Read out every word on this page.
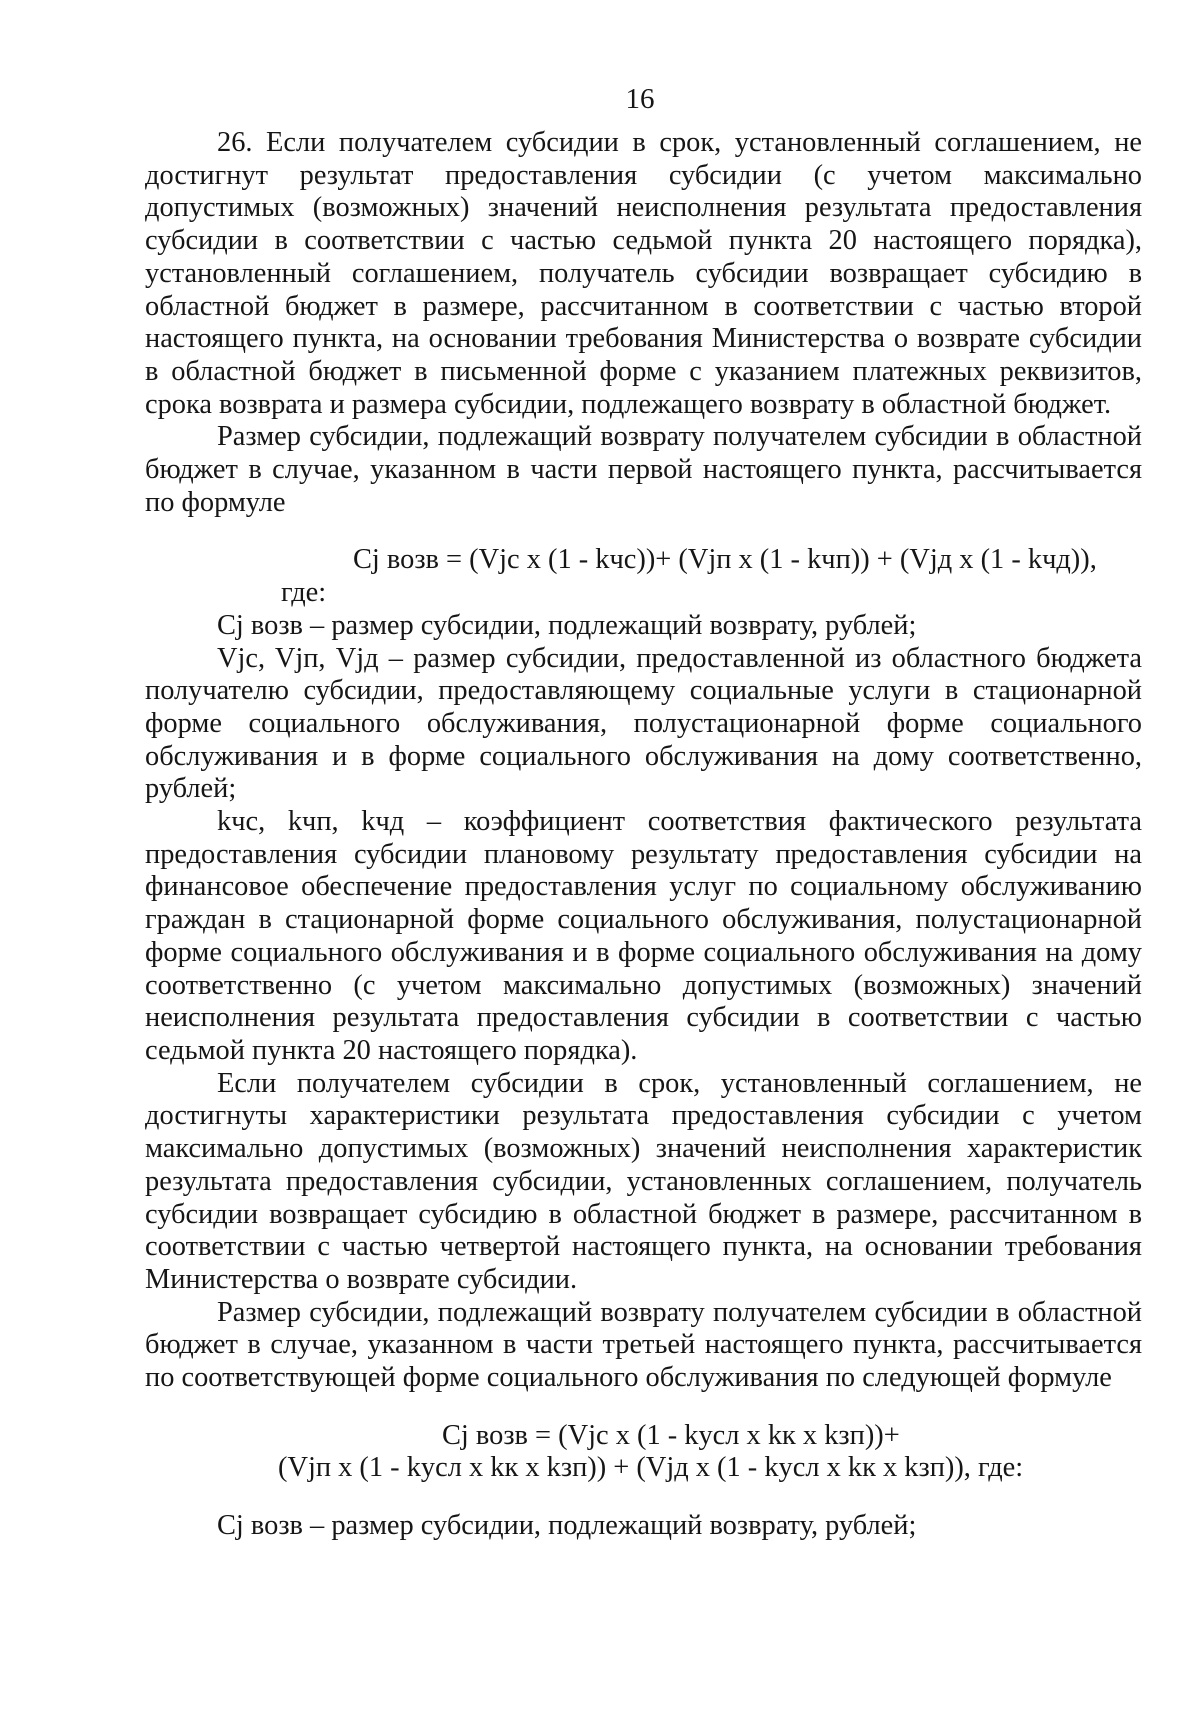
16

26. Если получателем субсидии в срок, установленный соглашением, не достигнут результат предоставления субсидии (с учетом максимально допустимых (возможных) значений неисполнения результата предоставления субсидии в соответствии с частью седьмой пункта 20 настоящего порядка), установленный соглашением, получатель субсидии возвращает субсидию в областной бюджет в размере, рассчитанном в соответствии с частью второй настоящего пункта, на основании требования Министерства о возврате субсидии в областной бюджет в письменной форме с указанием платежных реквизитов, срока возврата и размера субсидии, подлежащего возврату в областной бюджет.

Размер субсидии, подлежащий возврату получателем субсидии в областной бюджет в случае, указанном в части первой настоящего пункта, рассчитывается по формуле

Cj возв = (Vjc x (1 - kчс))+ (Vjп x (1 - kчп)) + (Vjд x (1 - kчд)), где:

Cj возв – размер субсидии, подлежащий возврату, рублей;

Vjc, Vjп, Vjд – размер субсидии, предоставленной из областного бюджета получателю субсидии, предоставляющему социальные услуги в стационарной форме социального обслуживания, полустационарной форме социального обслуживания и в форме социального обслуживания на дому соответственно, рублей;

kчс, kчп, kчд – коэффициент соответствия фактического результата предоставления субсидии плановому результату предоставления субсидии на финансовое обеспечение предоставления услуг по социальному обслуживанию граждан в стационарной форме социального обслуживания, полустационарной форме социального обслуживания и в форме социального обслуживания на дому соответственно (с учетом максимально допустимых (возможных) значений неисполнения результата предоставления субсидии в соответствии с частью седьмой пункта 20 настоящего порядка).

Если получателем субсидии в срок, установленный соглашением, не достигнуты характеристики результата предоставления субсидии с учетом максимально допустимых (возможных) значений неисполнения характеристик результата предоставления субсидии, установленных соглашением, получатель субсидии возвращает субсидию в областной бюджет в размере, рассчитанном в соответствии с частью четвертой настоящего пункта, на основании требования Министерства о возврате субсидии.

Размер субсидии, подлежащий возврату получателем субсидии в областной бюджет в случае, указанном в части третьей настоящего пункта, рассчитывается по соответствующей форме социального обслуживания по следующей формуле

Cj возв = (Vjc x (1 - kусл x kк x kзп))+
(Vjп x (1 - kусл x kк x kзп)) + (Vjд x (1 - kусл x kк x kзп)), где:

Cj возв – размер субсидии, подлежащий возврату, рублей;
